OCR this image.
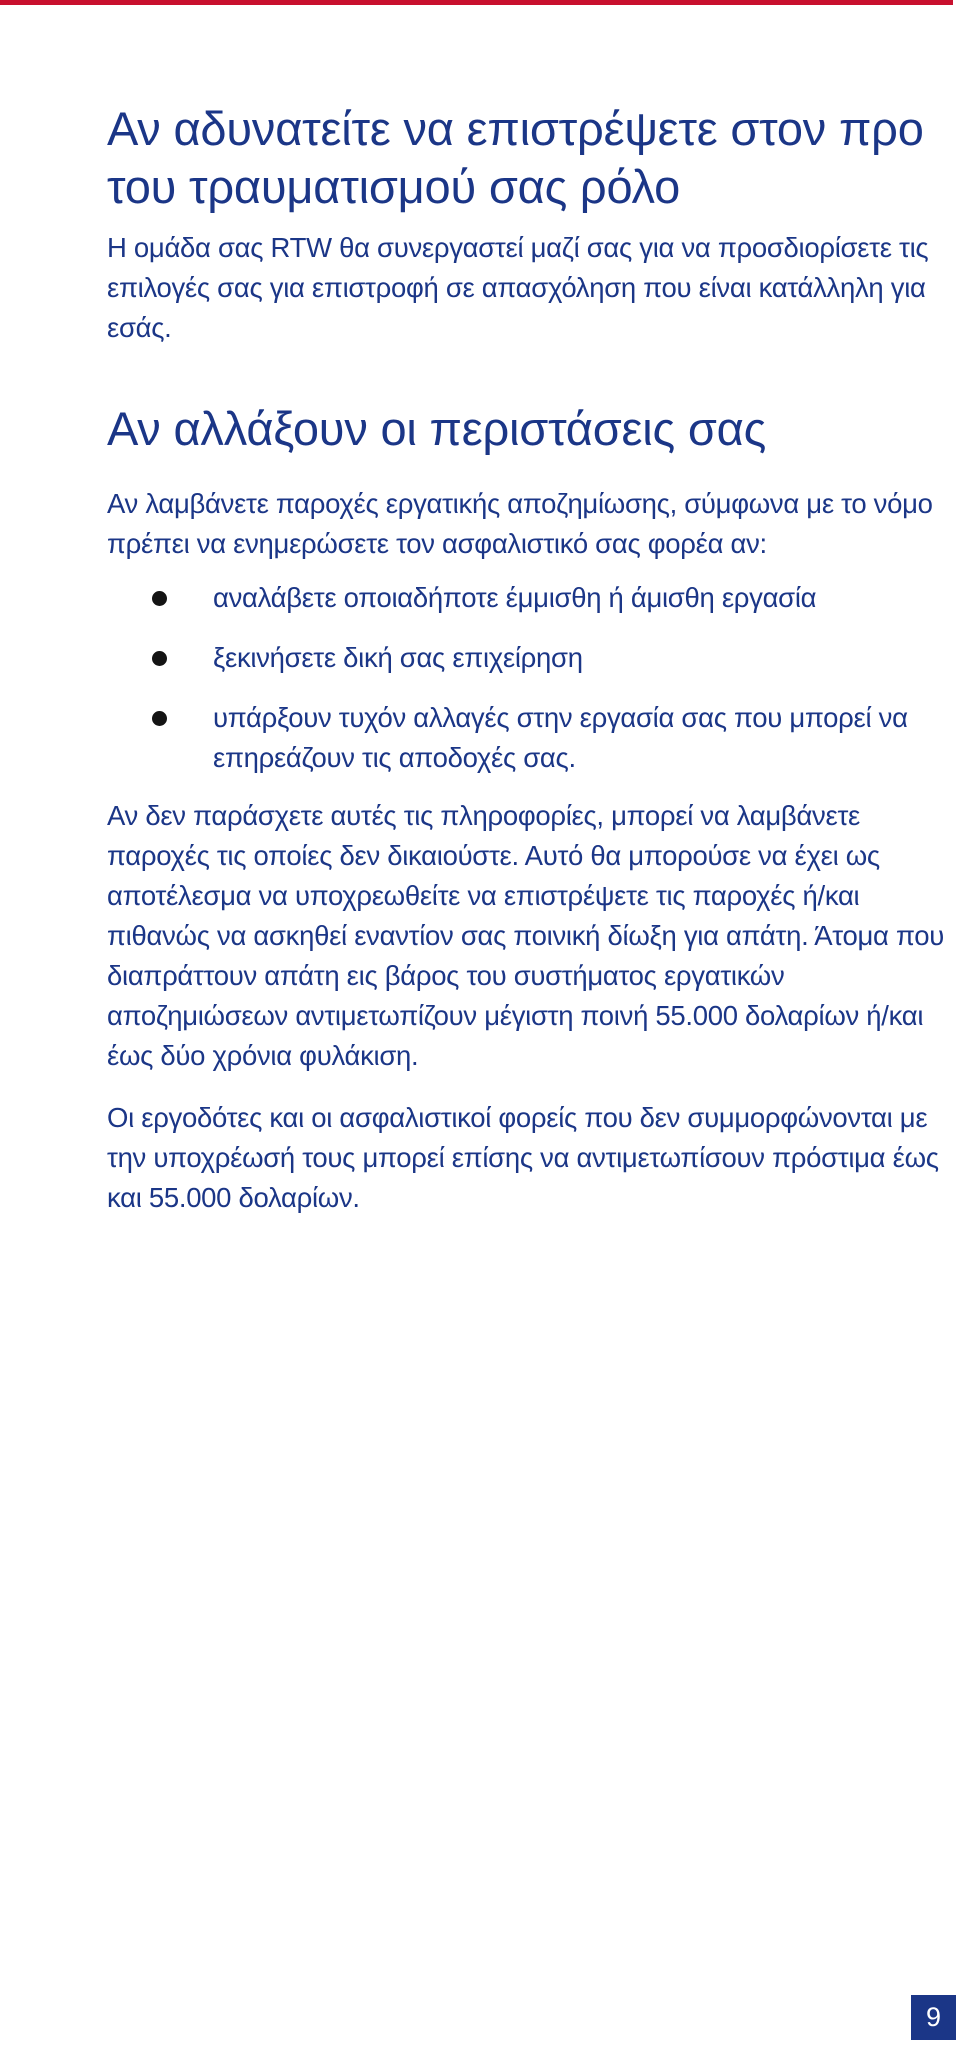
Αν αδυνατείτε να επιστρέψετε στον προ του τραυματισμού σας ρόλο

Η ομάδα σας RTW θα συνεργαστεί μαζί σας για να προσδιορίσετε τις επιλογές σας για επιστροφή σε απασχόληση που είναι κατάλληλη για εσάς.

Αν αλλάξουν οι περιστάσεις σας

Αν λαμβάνετε παροχές εργατικής αποζημίωσης, σύμφωνα με το νόμο πρέπει να ενημερώσετε τον ασφαλιστικό σας φορέα αν:

αναλάβετε οποιαδήποτε έμμισθη ή άμισθη εργασία
ξεκινήσετε δική σας επιχείρηση
υπάρξουν τυχόν αλλαγές στην εργασία σας που μπορεί να επηρεάζουν τις αποδοχές σας.

Αν δεν παράσχετε αυτές τις πληροφορίες, μπορεί να λαμβάνετε παροχές τις οποίες δεν δικαιούστε. Αυτό θα μπορούσε να έχει ως αποτέλεσμα να υποχρεωθείτε να επιστρέψετε τις παροχές ή/και πιθανώς να ασκηθεί εναντίον σας ποινική δίωξη για απάτη. Άτομα που διαπράττουν απάτη εις βάρος του συστήματος εργατικών αποζημιώσεων αντιμετωπίζουν μέγιστη ποινή 55.000 δολαρίων ή/και έως δύο χρόνια φυλάκιση.

Οι εργοδότες και οι ασφαλιστικοί φορείς που δεν συμμορφώνονται με την υποχρέωσή τους μπορεί επίσης να αντιμετωπίσουν πρόστιμα έως και 55.000 δολαρίων.

9
